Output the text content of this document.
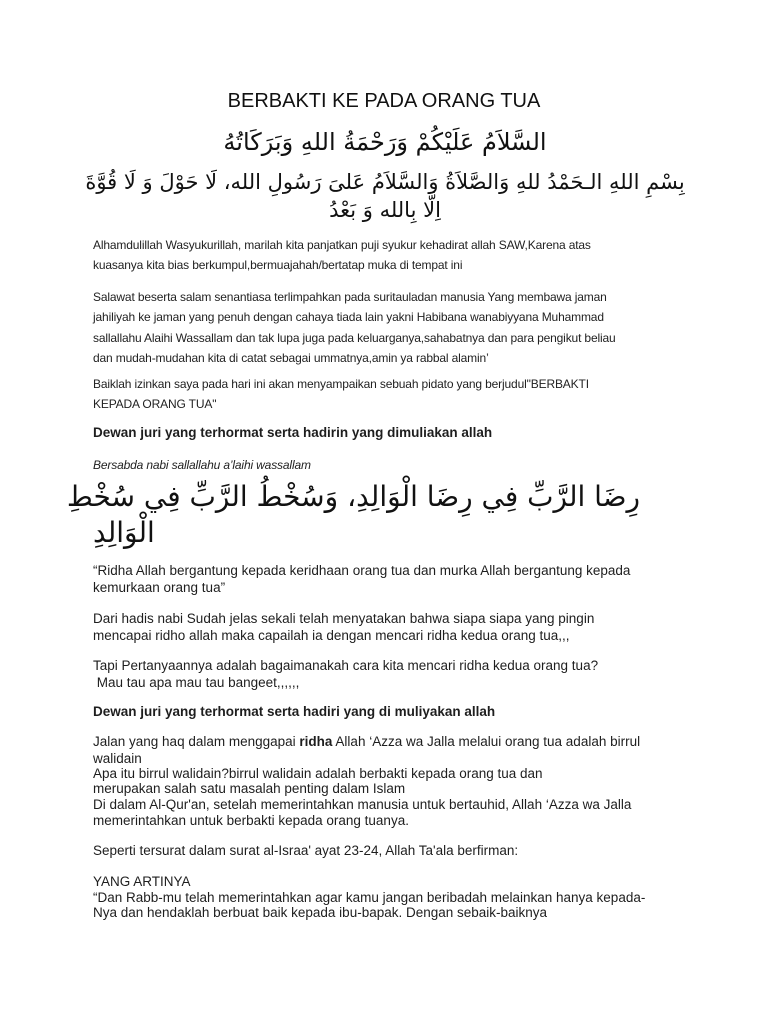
BERBAKTI KE PADA ORANG TUA
السَّلاَمُ عَلَيْكُمْ وَرَحْمَةُ اللهِ وَبَرَكَاتُهُ
بِسْمِ اللهِ الـحَمْدُ للهِ وَالصَّلاَةُ وَالسَّلاَمُ عَلىَ رَسُولِ الله، لَا حَوْلَ وَ لَا قُوَّةَ
اِلَّا بِالله وَ بَعْدُ
Alhamdulillah Wasyukurillah, marilah kita panjatkan puji syukur kehadirat allah SAW,Karena atas
kuasanya kita bias berkumpul,bermuajahah/bertatap muka di tempat ini
Salawat beserta salam senantiasa terlimpahkan pada suritauladan manusia Yang membawa jaman
jahiliyah ke jaman yang penuh dengan cahaya tiada lain yakni Habibana wanabiyyana Muhammad
sallallahu Alaihi Wassallam dan tak lupa juga pada keluarganya,sahabatnya dan para pengikut beliau
dan mudah-mudahan kita di catat sebagai ummatnya,amin ya rabbal alamin’
Baiklah izinkan saya pada hari ini akan menyampaikan sebuah pidato yang berjudul"BERBAKTI
KEPADA ORANG TUA"
Dewan juri yang terhormat serta hadirin yang dimuliakan allah
Bersabda nabi sallallahu a’laihi wassallam
رِضَا الرَّبِّ فِي رِضَا الْوَالِدِ، وَسُخْطُ الرَّبِّ فِي سُخْطِ
الْوَالِدِ
“Ridha Allah bergantung kepada keridhaan orang tua dan murka Allah bergantung kepada
kemurkaan orang tua”
Dari hadis nabi Sudah jelas sekali telah menyatakan bahwa siapa siapa yang pingin
mencapai ridho allah maka capailah ia dengan mencari ridha kedua orang tua,,,
Tapi Pertanyaannya adalah bagaimanakah cara kita mencari ridha kedua orang tua?
Mau tau apa mau tau bangeet,,,,,,
Dewan juri yang terhormat serta hadiri yang di muliyakan allah
Jalan yang haq dalam menggapai ridha Allah ‘Azza wa Jalla melalui orang tua adalah birrul
walidain
Apa itu birrul walidain?birrul walidain adalah berbakti kepada orang tua dan
merupakan salah satu masalah penting dalam Islam
Di dalam Al-Qur'an, setelah memerintahkan manusia untuk bertauhid, Allah ‘Azza wa Jalla
memerintahkan untuk berbakti kepada orang tuanya.
Seperti tersurat dalam surat al-Israa' ayat 23-24, Allah Ta'ala berfirman:
YANG ARTINYA
“Dan Rabb-mu telah memerintahkan agar kamu jangan beribadah melainkan hanya kepada-
Nya dan hendaklah berbuat baik kepada ibu-bapak. Dengan sebaik-baiknya
